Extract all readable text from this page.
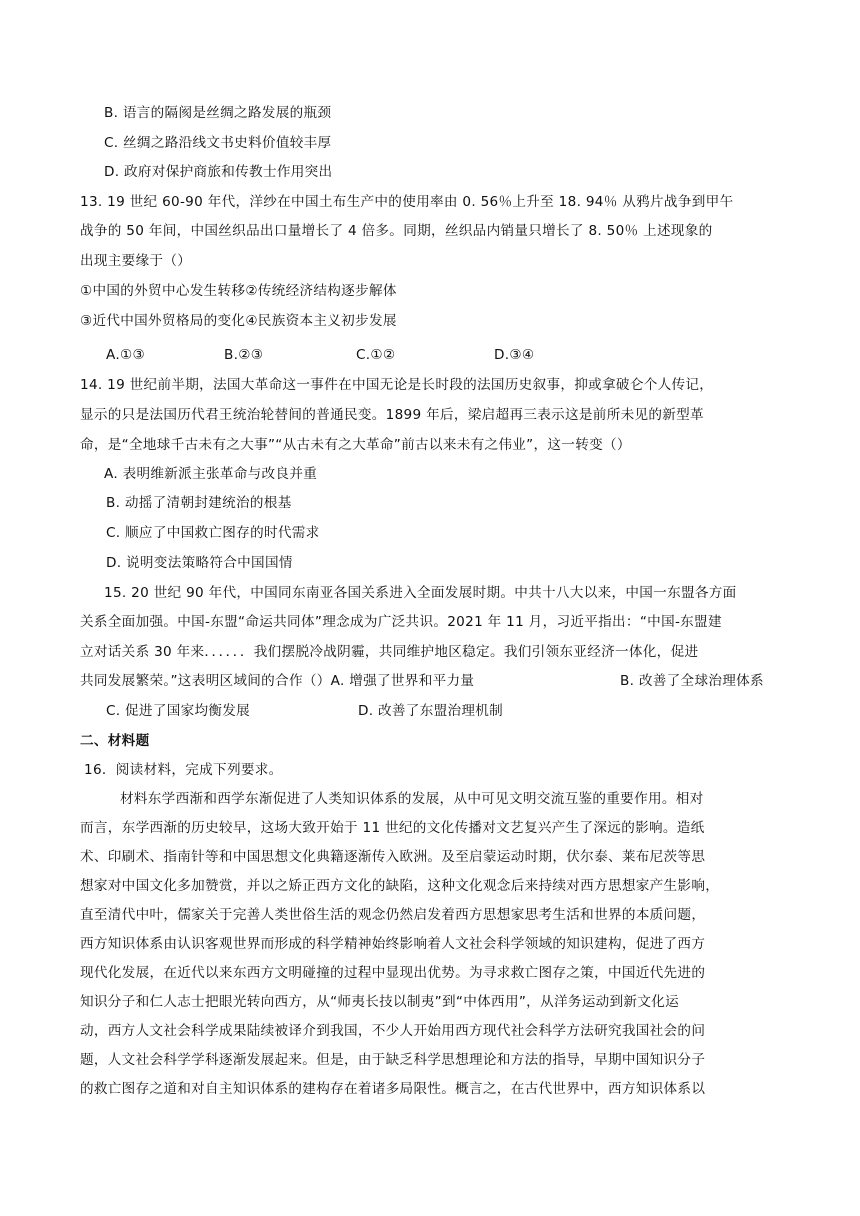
B. 语言的隔阂是丝绸之路发展的瓶颈
C. 丝绸之路沿线文书史料价值较丰厚
D. 政府对保护商旅和传教士作用突出
13. 19 世纪 60-90 年代，洋纱在中国土布生产中的使用率由 0. 56％上升至 18. 94％ 从鸦片战争到甲午
战争的 50 年间，中国丝织品出口量增长了 4 倍多。同期，丝织品内销量只增长了 8. 50％ 上述现象的
出现主要缘于（）
①中国的外贸中心发生转移②传统经济结构逐步解体
③近代中国外贸格局的变化④民族资本主义初步发展
A.①③	B.②③	C.①②	D.③④
14. 19 世纪前半期，法国大革命这一事件在中国无论是长时段的法国历史叙事，抑或拿破仑个人传记，
显示的只是法国历代君王统治轮替间的普通民变。1899 年后，梁启超再三表示这是前所未见的新型革
命，是“全地球千古未有之大事”“从古未有之大革命”前古以来未有之伟业”，这一转变（）
A. 表明维新派主张革命与改良并重
B. 动摇了清朝封建统治的根基
C. 顺应了中国救亡图存的时代需求
D. 说明变法策略符合中国国情
15. 20 世纪 90 年代，中国同东南亚各国关系进入全面发展时期。中共十八大以来，中国一东盟各方面
关系全面加强。中国-东盟“命运共同体”理念成为广泛共识。2021 年 11 月，习近平指出：“中国-东盟建
立对话关系 30 年来．．．．．．我们摆脱冷战阴霾，共同维护地区稳定。我们引领东亚经济一体化，促进
共同发展繁荣。”这表明区域间的合作（）A. 增强了世界和平力量	B. 改善了全球治理体系
C. 促进了国家均衡发展	D. 改善了东盟治理机制
二、材料题
16．阅读材料，完成下列要求。
材料东学西渐和西学东渐促进了人类知识体系的发展，从中可见文明交流互鉴的重要作用。相对
而言，东学西渐的历史较早，这场大致开始于 11 世纪的文化传播对文艺复兴产生了深远的影响。造纸
术、印刷术、指南针等和中国思想文化典籍逐渐传入欧洲。及至启蒙运动时期，伏尔泰、莱布尼茨等思
想家对中国文化多加赞赏，并以之矫正西方文化的缺陷，这种文化观念后来持续对西方思想家产生影响，
直至清代中叶，儒家关于完善人类世俗生活的观念仍然启发着西方思想家思考生活和世界的本质问题，
西方知识体系由认识客观世界而形成的科学精神始终影响着人文社会科学领域的知识建构，促进了西方
现代化发展，在近代以来东西方文明碰撞的过程中显现出优势。为寻求救亡图存之策，中国近代先进的
知识分子和仁人志士把眼光转向西方，从“师夷长技以制夷”到“中体西用”，从洋务运动到新文化运
动，西方人文社会科学成果陆续被译介到我国，不少人开始用西方现代社会科学方法研究我国社会的问
题，人文社会科学学科逐渐发展起来。但是，由于缺乏科学思想理论和方法的指导，早期中国知识分子
的救亡图存之道和对自主知识体系的建构存在着诸多局限性。概言之，在古代世界中，西方知识体系以
